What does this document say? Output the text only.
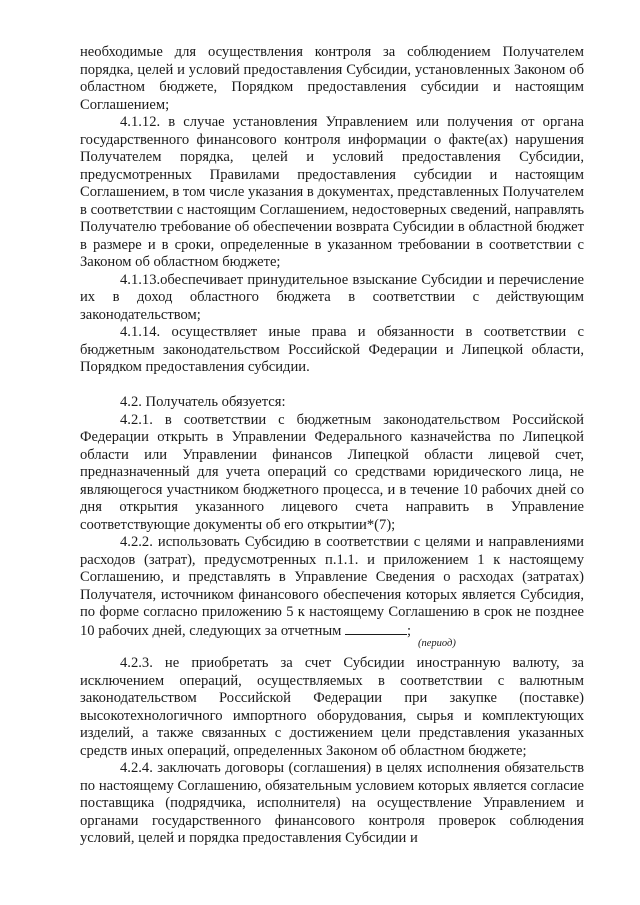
необходимые для осуществления контроля за соблюдением Получателем порядка, целей и условий предоставления Субсидии, установленных Законом об областном бюджете, Порядком предоставления субсидии и настоящим Соглашением;

4.1.12. в случае установления Управлением или получения от органа государственного финансового контроля информации о факте(ах) нарушения Получателем порядка, целей и условий предоставления Субсидии, предусмотренных Правилами предоставления субсидии и настоящим Соглашением, в том числе указания в документах, представленных Получателем в соответствии с настоящим Соглашением, недостоверных сведений, направлять Получателю требование об обеспечении возврата Субсидии в областной бюджет в размере и в сроки, определенные в указанном требовании в соответствии с Законом об областном бюджете;

4.1.13.обеспечивает принудительное взыскание Субсидии и перечисление их в доход областного бюджета в соответствии с действующим законодательством;

4.1.14. осуществляет иные права и обязанности в соответствии с бюджетным законодательством Российской Федерации и Липецкой области, Порядком предоставления субсидии.

4.2. Получатель обязуется:

4.2.1. в соответствии с бюджетным законодательством Российской Федерации открыть в Управлении Федерального казначейства по Липецкой области или Управлении финансов Липецкой области лицевой счет, предназначенный для учета операций со средствами юридического лица, не являющегося участником бюджетного процесса, и в течение 10 рабочих дней со дня открытия указанного лицевого счета направить в Управление соответствующие документы об его открытии*(7);

4.2.2. использовать Субсидию в соответствии с целями и направлениями расходов (затрат), предусмотренных п.1.1. и приложением 1 к настоящему Соглашению, и представлять в Управление Сведения о расходах (затратах) Получателя, источником финансового обеспечения которых является Субсидия, по форме согласно приложению 5 к настоящему Соглашению в срок не позднее 10 рабочих дней, следующих за отчетным	;

(период)

4.2.3. не приобретать за счет Субсидии иностранную валюту, за исключением операций, осуществляемых в соответствии с валютным законодательством Российской Федерации при закупке (поставке) высокотехнологичного импортного оборудования, сырья и комплектующих изделий, а также связанных с достижением цели представления указанных средств иных операций, определенных Законом об областном бюджете;

4.2.4. заключать договоры (соглашения) в целях исполнения обязательств по настоящему Соглашению, обязательным условием которых является согласие поставщика (подрядчика, исполнителя) на осуществление Управлением и органами государственного финансового контроля проверок соблюдения условий, целей и порядка предоставления Субсидии и
